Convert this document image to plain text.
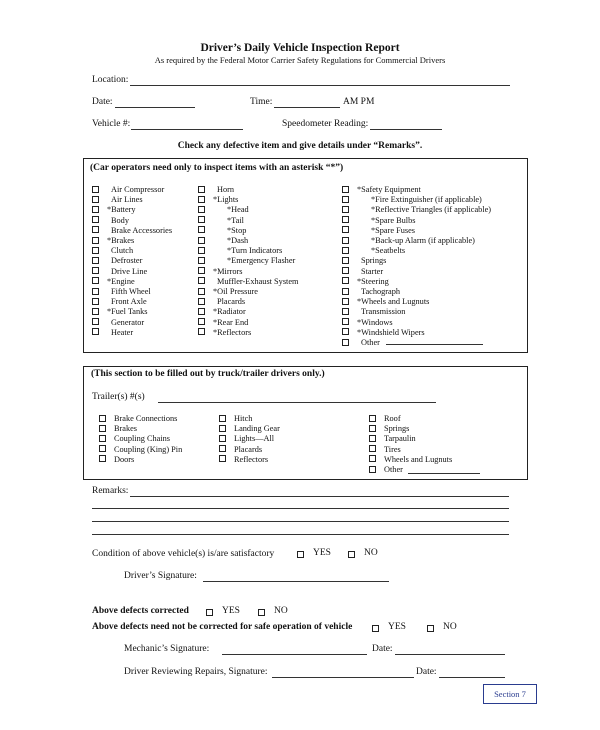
Driver’s Daily Vehicle Inspection Report
As required by the Federal Motor Carrier Safety Regulations for Commercial Drivers
Location:
Date:	Time:	AM PM
Vehicle #:	Speedometer Reading:
Check any defective item and give details under “Remarks”.
(Car operators need only to inspect items with an asterisk “*”)
Air Compressor
Air Lines
*Battery
Body
Brake Accessories
*Brakes
Clutch
Defroster
Drive Line
*Engine
Fifth Wheel
Front Axle
*Fuel Tanks
Generator
Heater
Horn
*Lights
*Head
*Tail
*Stop
*Dash
*Turn Indicators
*Emergency Flasher
*Mirrors
Muffler-Exhaust System
*Oil Pressure
Placards
*Radiator
*Rear End
*Reflectors
*Safety Equipment
*Fire Extinguisher (if applicable)
*Reflective Triangles (if applicable)
*Spare Bulbs
*Spare Fuses
*Back-up Alarm (if applicable)
*Seatbelts
Springs
Starter
*Steering
Tachograph
*Wheels and Lugnuts
Transmission
*Windows
*Windshield Wipers
Other
(This section to be filled out by truck/trailer drivers only.)
Trailer(s) #(s)
Brake Connections
Brakes
Coupling Chains
Coupling (King) Pin
Doors
Hitch
Landing Gear
Lights—All
Placards
Reflectors
Roof
Springs
Tarpaulin
Tires
Wheels and Lugnuts
Other
Remarks:
Condition of above vehicle(s) is/are satisfactory	YES	NO
Driver’s Signature:
Above defects corrected	YES	NO
Above defects need not be corrected for safe operation of vehicle	YES	NO
Mechanic’s Signature:	Date:
Driver Reviewing Repairs, Signature:	Date:
Section 7
